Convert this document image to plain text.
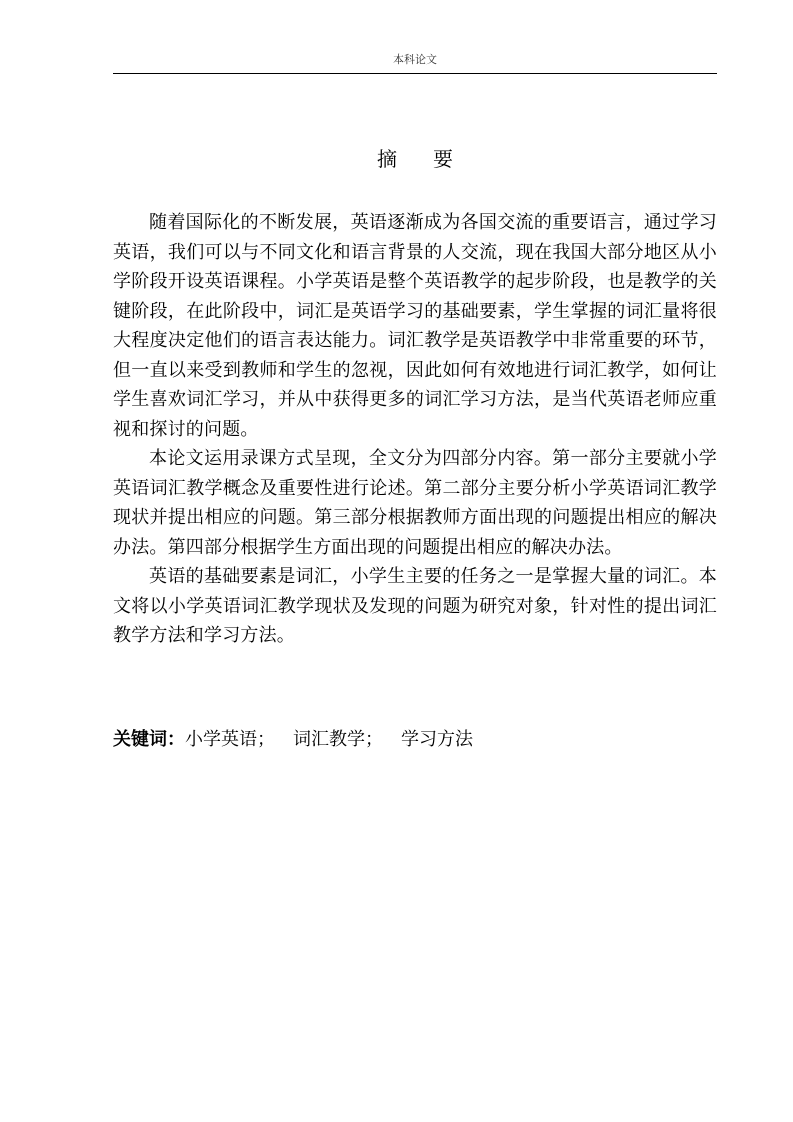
本科论文
摘要

随着国际化的不断发展，英语逐渐成为各国交流的重要语言，通过学习英语，我们可以与不同文化和语言背景的人交流，现在我国大部分地区从小学阶段开设英语课程。小学英语是整个英语教学的起步阶段，也是教学的关键阶段，在此阶段中，词汇是英语学习的基础要素，学生掌握的词汇量将很大程度决定他们的语言表达能力。词汇教学是英语教学中非常重要的环节，但一直以来受到教师和学生的忽视，因此如何有效地进行词汇教学，如何让学生喜欢词汇学习，并从中获得更多的词汇学习方法，是当代英语老师应重视和探讨的问题。

本论文运用录课方式呈现，全文分为四部分内容。第一部分主要就小学英语词汇教学概念及重要性进行论述。第二部分主要分析小学英语词汇教学现状并提出相应的问题。第三部分根据教师方面出现的问题提出相应的解决办法。第四部分根据学生方面出现的问题提出相应的解决办法。

英语的基础要素是词汇，小学生主要的任务之一是掌握大量的词汇。本文将以小学英语词汇教学现状及发现的问题为研究对象，针对性的提出词汇教学方法和学习方法。

关键词：小学英语； 词汇教学； 学习方法
